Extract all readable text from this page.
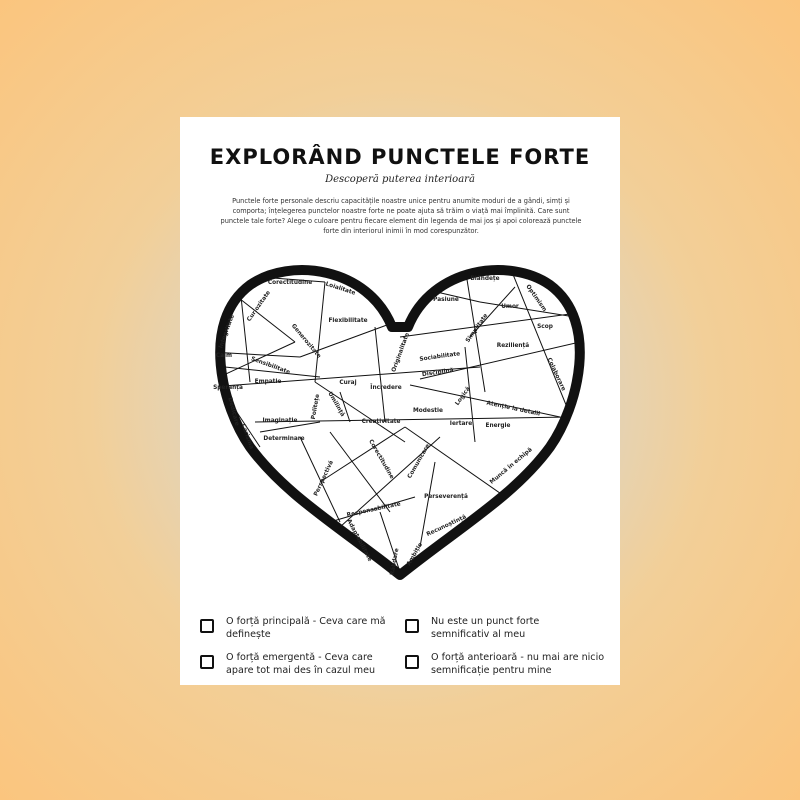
EXPLORÂND PUNCTELE FORTE
Descoperă puterea interioară
Punctele forte personale descriu capacitățile noastre unice pentru anumite moduri de a gândi, simți și comporta; înțelegerea punctelor noastre forte ne poate ajuta să trăim o viață mai împlinită. Care sunt punctele tale forte? Alege o culoare pentru fiecare element din legenda de mai jos și apoi colorează punctele forte din interiorul inimii în mod corespunzător.
Corectitudine Loialitate
Blândețe
Optimism
Curiozitate	Pasiune
Umor
Integritate	Flexibilitate
Generozitate	Simplitate	Scop
Originalitate	Reziliență
Calm
Sensibilitate	Sociabilitate
Disciplină	Colaborare
Speranță
Empatie	Curaj
Încredere	Logică
Atenție la detalii
Dedicare	Umilință	Modestie
Politețe
Imaginație	Creativitate	Iertare Energie
Carisma Determinare	Corectitudine Comunicare	Muncă în echipă
Perspectivă	Perseverență
Responsabilitate
Recunoștință
Adaptabilitate	Răbdare Ambiție
O forță principală - Ceva care mă definește
Nu este un punct forte semnificativ al meu
O forță emergentă - Ceva care apare tot mai des în cazul meu
O forță anterioară - nu mai are nicio semnificație pentru mine
